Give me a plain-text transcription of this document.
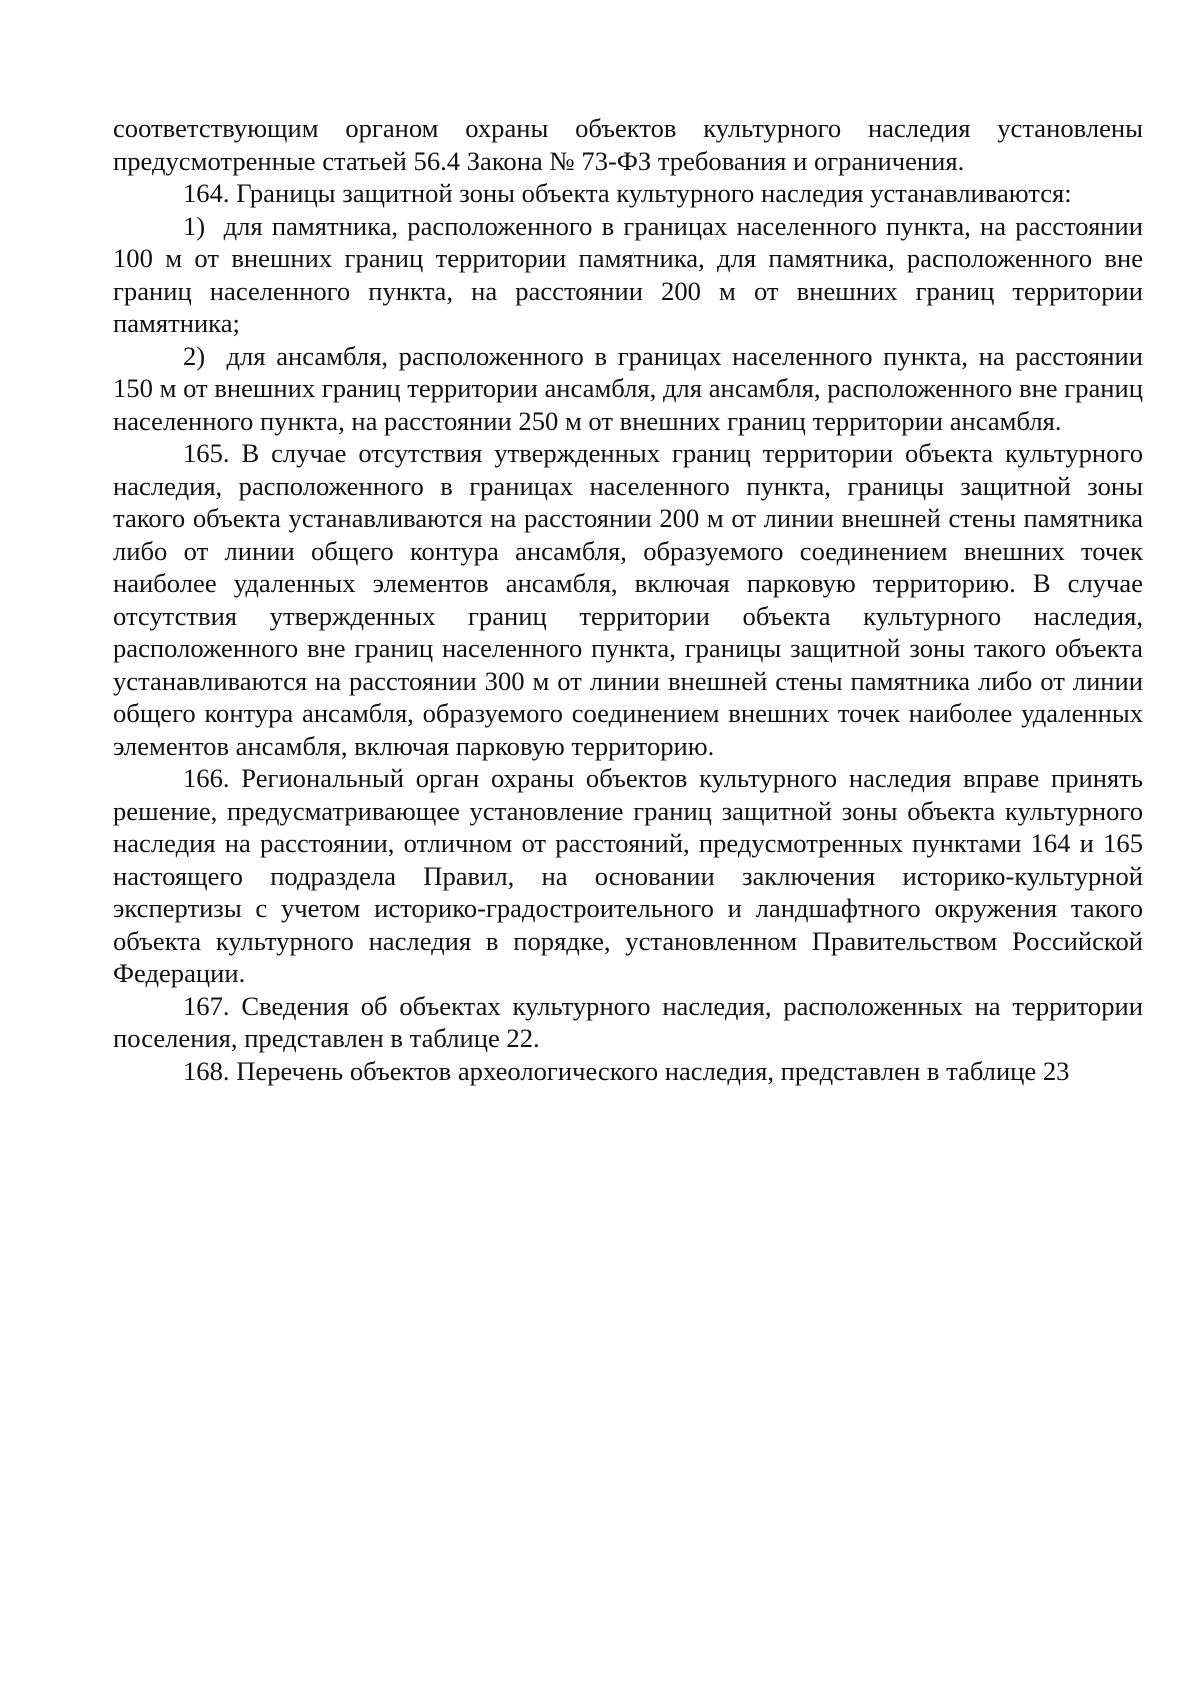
соответствующим органом охраны объектов культурного наследия установлены предусмотренные статьей 56.4 Закона № 73-ФЗ требования и ограничения.

164. Границы защитной зоны объекта культурного наследия устанавливаются:

1)  для памятника, расположенного в границах населенного пункта, на расстоянии 100 м от внешних границ территории памятника, для памятника, расположенного вне границ населенного пункта, на расстоянии 200 м от внешних границ территории памятника;

2)  для ансамбля, расположенного в границах населенного пункта, на расстоянии 150 м от внешних границ территории ансамбля, для ансамбля, расположенного вне границ населенного пункта, на расстоянии 250 м от внешних границ территории ансамбля.

165. В случае отсутствия утвержденных границ территории объекта культурного наследия, расположенного в границах населенного пункта, границы защитной зоны такого объекта устанавливаются на расстоянии 200 м от линии внешней стены памятника либо от линии общего контура ансамбля, образуемого соединением внешних точек наиболее удаленных элементов ансамбля, включая парковую территорию. В случае отсутствия утвержденных границ территории объекта культурного наследия, расположенного вне границ населенного пункта, границы защитной зоны такого объекта устанавливаются на расстоянии 300 м от линии внешней стены памятника либо от линии общего контура ансамбля, образуемого соединением внешних точек наиболее удаленных элементов ансамбля, включая парковую территорию.

166. Региональный орган охраны объектов культурного наследия вправе принять решение, предусматривающее установление границ защитной зоны объекта культурного наследия на расстоянии, отличном от расстояний, предусмотренных пунктами 164 и 165 настоящего подраздела Правил, на основании заключения историко-культурной экспертизы с учетом историко-градостроительного и ландшафтного окружения такого объекта культурного наследия в порядке, установленном Правительством Российской Федерации.

167. Сведения об объектах культурного наследия, расположенных на территории поселения, представлен в таблице 22.

168. Перечень объектов археологического наследия, представлен в таблице 23
